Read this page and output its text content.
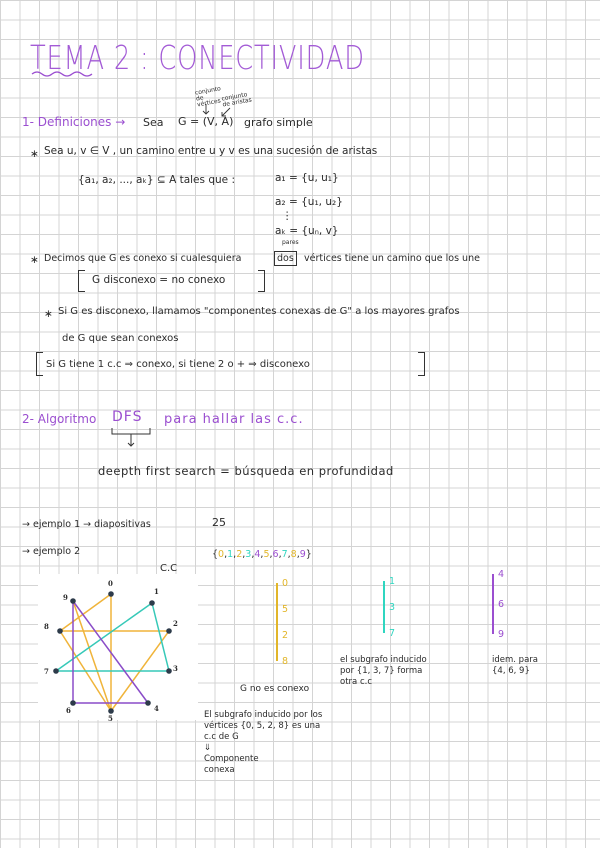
TEMA 2 : CONECTIVIDAD
1- Definiciones → Sea G = (V, A) grafo simple
conjunto de vértices
conjunto de aristas
∗ Sea u, v ∈ V , un camino entre u y v es una sucesión de aristas
{a₁, a₂, ..., aₖ} ⊆ A tales que :	a₁ = {u, u₁}
a₂ = {u₁, u₂}
⋮
aₖ = {uₙ, v}
pares
∗ Decimos que G es conexo si cualesquiera	dos	vértices tiene un camino que los une
G disconexo = no conexo
∗ Si G es disconexo, llamamos "componentes conexas de G" a los mayores grafos
de G que sean conexos
Si G tiene 1 c.c ⇒ conexo, si tiene 2 o + ⇒ disconexo
2- Algoritmo DFS para hallar las c.c.
deepth first search = búsqueda en profundidad
→ ejemplo 1 → diapositivas	25
→ ejemplo 2
C.C
{0,1,2,3,4,5,6,7,8,9}
0
1
2
3
4
5
6
7
8
9
0
5
2
8
1
3
7
4
6
9
G no es conexo
El subgrafo inducido por los
vértices {0, 5, 2, 8} es una
c.c de G
⇓
Componente
conexa
el subgrafo inducido
por {1, 3, 7} forma
otra c.c
idem. para
{4, 6, 9}
